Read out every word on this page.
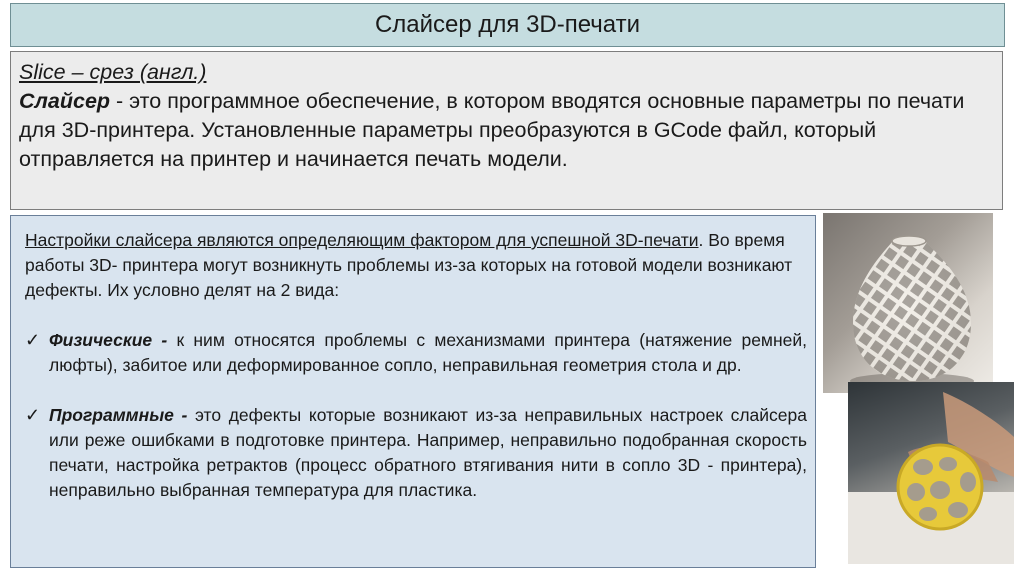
Слайсер для 3D-печати
Slice – срез (англ.)
Слайсер - это программное обеспечение, в котором вводятся основные параметры по печати для 3D-принтера. Установленные параметры преобразуются в GCode файл, который отправляется на принтер и начинается печать модели.
Настройки слайсера являются определяющим фактором для успешной 3D-печати. Во время работы 3D- принтера могут возникнуть проблемы из-за которых на готовой модели возникают дефекты. Их условно делят на 2 вида:
✓ Физические - к ним относятся проблемы с механизмами принтера (натяжение ремней, люфты), забитое или деформированное сопло, неправильная геометрия стола и др.
✓ Программные - это дефекты которые возникают из-за неправильных настроек слайсера или реже ошибками в подготовке принтера. Например, неправильно подобранная скорость печати, настройка ретрактов (процесс обратного втягивания нити в сопло 3D - принтера), неправильно выбранная температура для пластика.
